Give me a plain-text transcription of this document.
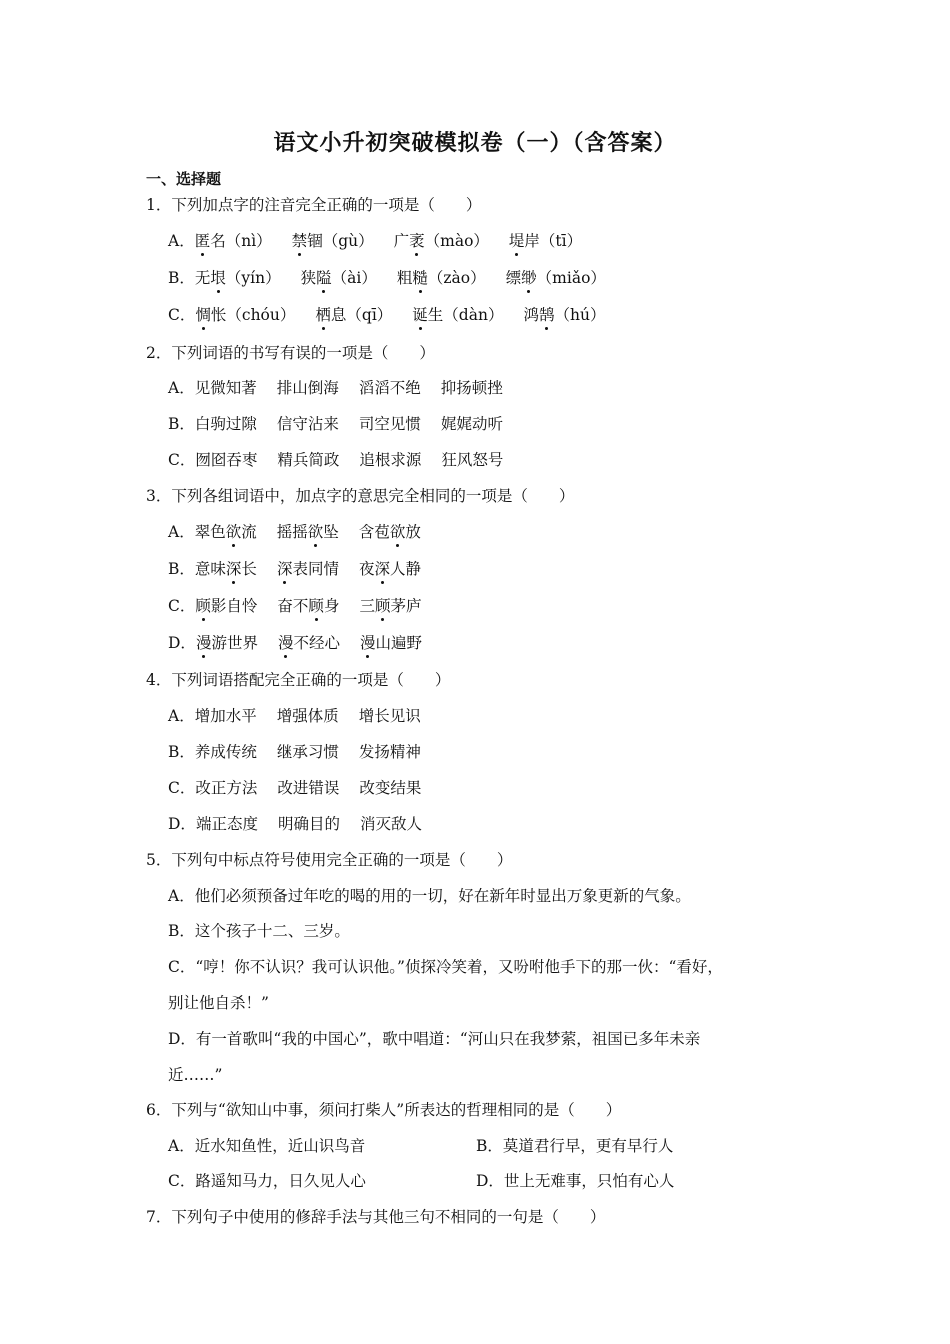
语文小升初突破模拟卷（一）（含答案）
一、选择题
1．下列加点字的注音完全正确的一项是（　　）
A．匿名（nì） 禁锢（gù） 广袤（mào） 堤岸（tī）
B．无垠（yín） 狭隘（ài） 粗糙（zào） 缥缈（miǎo）
C．惆怅（chóu） 栖息（qī） 诞生（dàn） 鸿鹄（hú）
2．下列词语的书写有误的一项是（　　）
A．见微知著 排山倒海 滔滔不绝 抑扬顿挫
B．白驹过隙 信守沾来 司空见惯 娓娓动听
C．囫囵吞枣 精兵简政 追根求源 狂风怒号
3．下列各组词语中，加点字的意思完全相同的一项是（　　）
A．翠色欲流 摇摇欲坠 含苞欲放
B．意味深长 深表同情 夜深人静
C．顾影自怜 奋不顾身 三顾茅庐
D．漫游世界 漫不经心 漫山遍野
4．下列词语搭配完全正确的一项是（　　）
A．增加水平 增强体质 增长见识
B．养成传统 继承习惯 发扬精神
C．改正方法 改进错误 改变结果
D．端正态度 明确目的 消灭敌人
5．下列句中标点符号使用完全正确的一项是（　　）
A．他们必须预备过年吃的喝的用的一切，好在新年时显出万象更新的气象。
B．这个孩子十二、三岁。
C．“哼！你不认识？我可认识他。”侦探冷笑着，又吩咐他手下的那一伙：“看好，
别让他自杀！”
D．有一首歌叫“我的中国心”，歌中唱道：“河山只在我梦萦，祖国已多年未亲
近……”
6．下列与“欲知山中事，须问打柴人”所表达的哲理相同的是（　　）
A．近水知鱼性，近山识鸟音	B．莫道君行早，更有早行人
C．路遥知马力，日久见人心	D．世上无难事，只怕有心人
7．下列句子中使用的修辞手法与其他三句不相同的一句是（　　）
